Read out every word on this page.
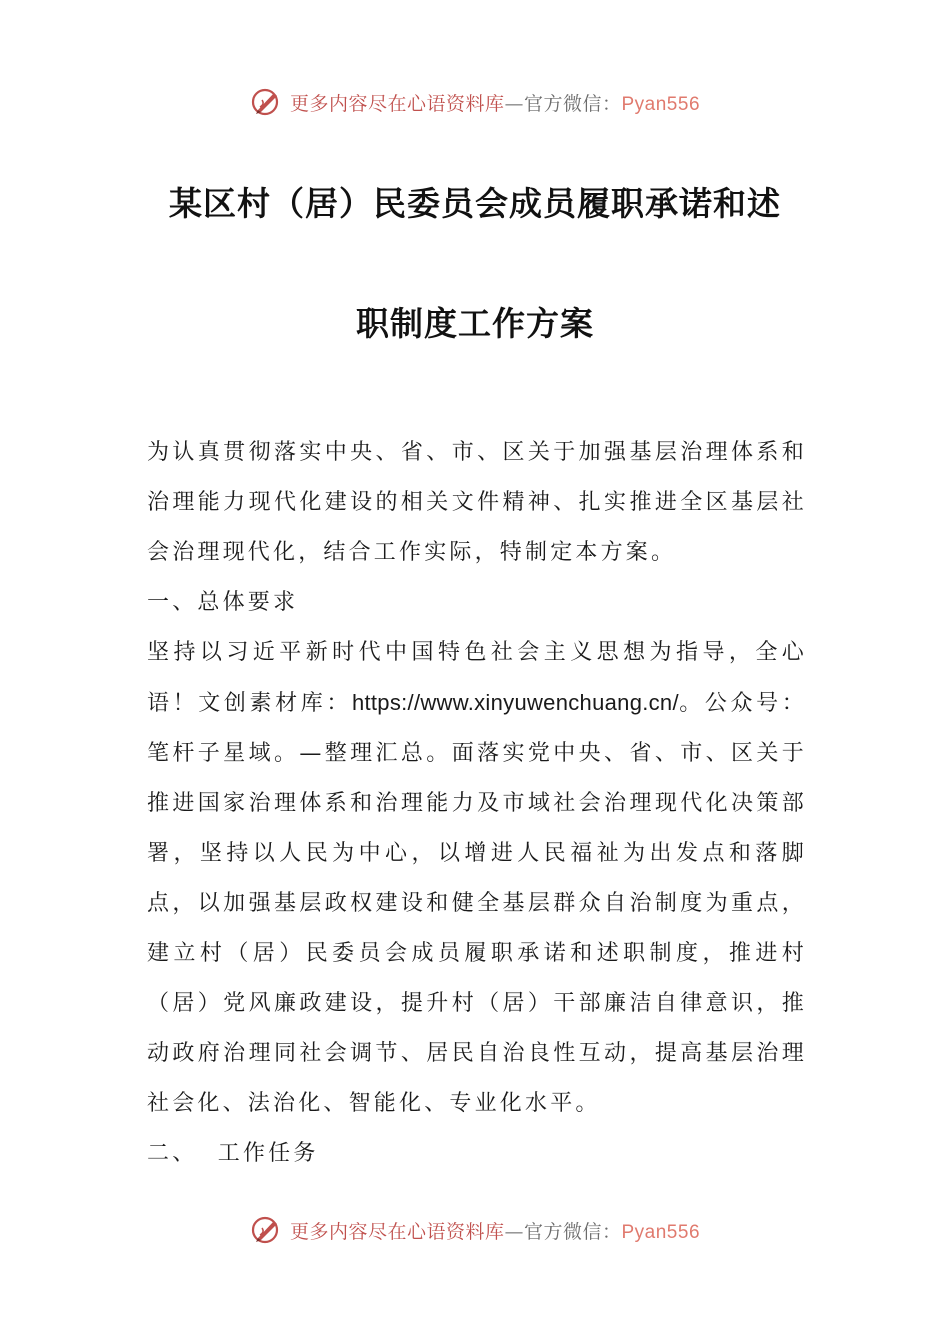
更多内容尽在心语资料库—官方微信：Pyan556
某区村（居）民委员会成员履职承诺和述
职制度工作方案

为认真贯彻落实中央、省、市、区关于加强基层治理体系和治理能力现代化建设的相关文件精神、扎实推进全区基层社会治理现代化，结合工作实际，特制定本方案。

一、总体要求

坚持以习近平新时代中国特色社会主义思想为指导，全心语！文创素材库：https://www.xinyuwenchuang.cn/。公众号：笔杆子星域。—整理汇总。面落实党中央、省、市、区关于推进国家治理体系和治理能力及市域社会治理现代化决策部署，坚持以人民为中心，以增进人民福祉为出发点和落脚点，以加强基层政权建设和健全基层群众自治制度为重点，建立村（居）民委员会成员履职承诺和述职制度，推进村（居）党风廉政建设，提升村（居）干部廉洁自律意识，推动政府治理同社会调节、居民自治良性互动，提高基层治理社会化、法治化、智能化、专业化水平。

二、  工作任务

更多内容尽在心语资料库—官方微信：Pyan556
